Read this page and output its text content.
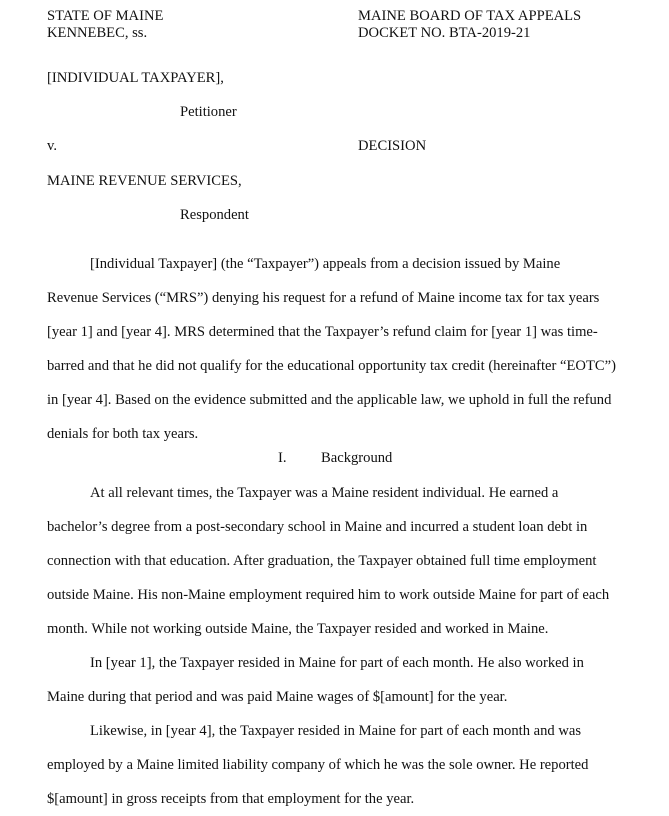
STATE OF MAINE
KENNEBEC, ss.
MAINE BOARD OF TAX APPEALS
DOCKET NO. BTA-2019-21
[INDIVIDUAL TAXPAYER],
Petitioner
v.	DECISION
MAINE REVENUE SERVICES,
Respondent
[Individual Taxpayer] (the “Taxpayer”) appeals from a decision issued by Maine
Revenue Services (“MRS”) denying his request for a refund of Maine income tax for tax years
[year 1] and [year 4]. MRS determined that the Taxpayer’s refund claim for [year 1] was time-
barred and that he did not qualify for the educational opportunity tax credit (hereinafter “EOTC”)
in [year 4]. Based on the evidence submitted and the applicable law, we uphold in full the refund
denials for both tax years.
I. Background
At all relevant times, the Taxpayer was a Maine resident individual. He earned a
bachelor’s degree from a post-secondary school in Maine and incurred a student loan debt in
connection with that education. After graduation, the Taxpayer obtained full time employment
outside Maine. His non-Maine employment required him to work outside Maine for part of each
month. While not working outside Maine, the Taxpayer resided and worked in Maine.
In [year 1], the Taxpayer resided in Maine for part of each month. He also worked in
Maine during that period and was paid Maine wages of $[amount] for the year.
Likewise, in [year 4], the Taxpayer resided in Maine for part of each month and was
employed by a Maine limited liability company of which he was the sole owner. He reported
$[amount] in gross receipts from that employment for the year.
